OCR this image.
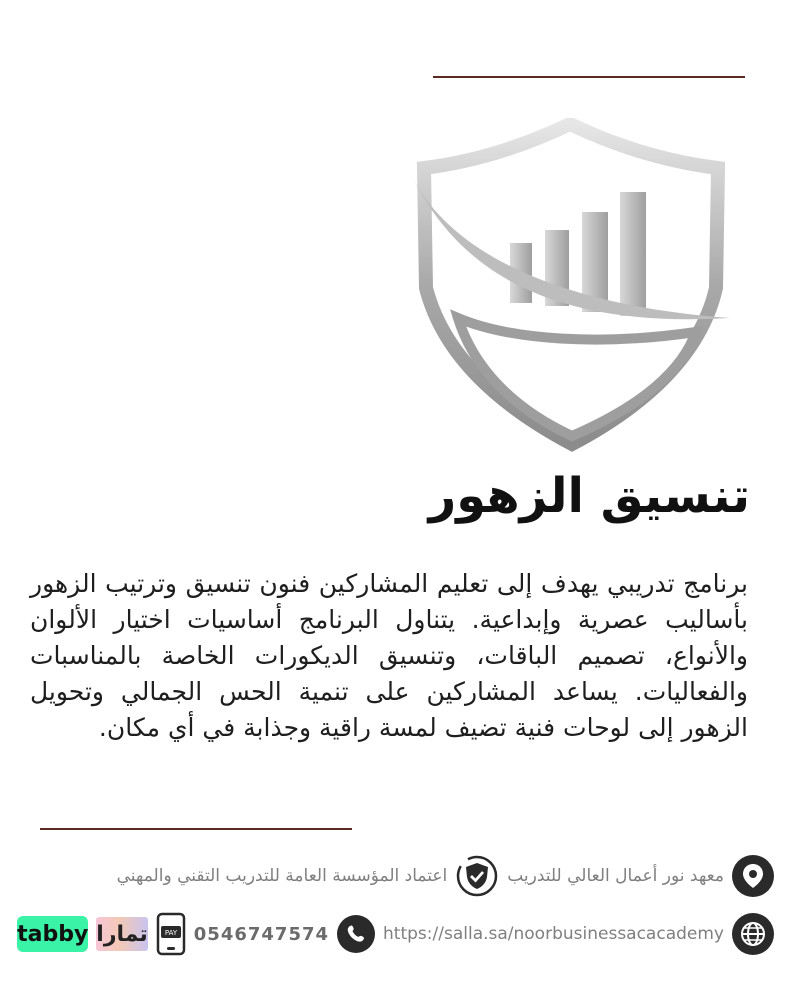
تنسيق الزهور

برنامج تدريبي يهدف إلى تعليم المشاركين فنون تنسيق وترتيب الزهور بأساليب عصرية وإبداعية. يتناول البرنامج أساسيات اختيار الألوان والأنواع، تصميم الباقات، وتنسيق الديكورات الخاصة بالمناسبات والفعاليات. يساعد المشاركين على تنمية الحس الجمالي وتحويل الزهور إلى لوحات فنية تضيف لمسة راقية وجذابة في أي مكان.

معهد نور أعمال العالي للتدريب
اعتماد المؤسسة العامة للتدريب التقني والمهني
https://salla.sa/noorbusinessacacademy
0546747574
PAY
تمارا
tabby
